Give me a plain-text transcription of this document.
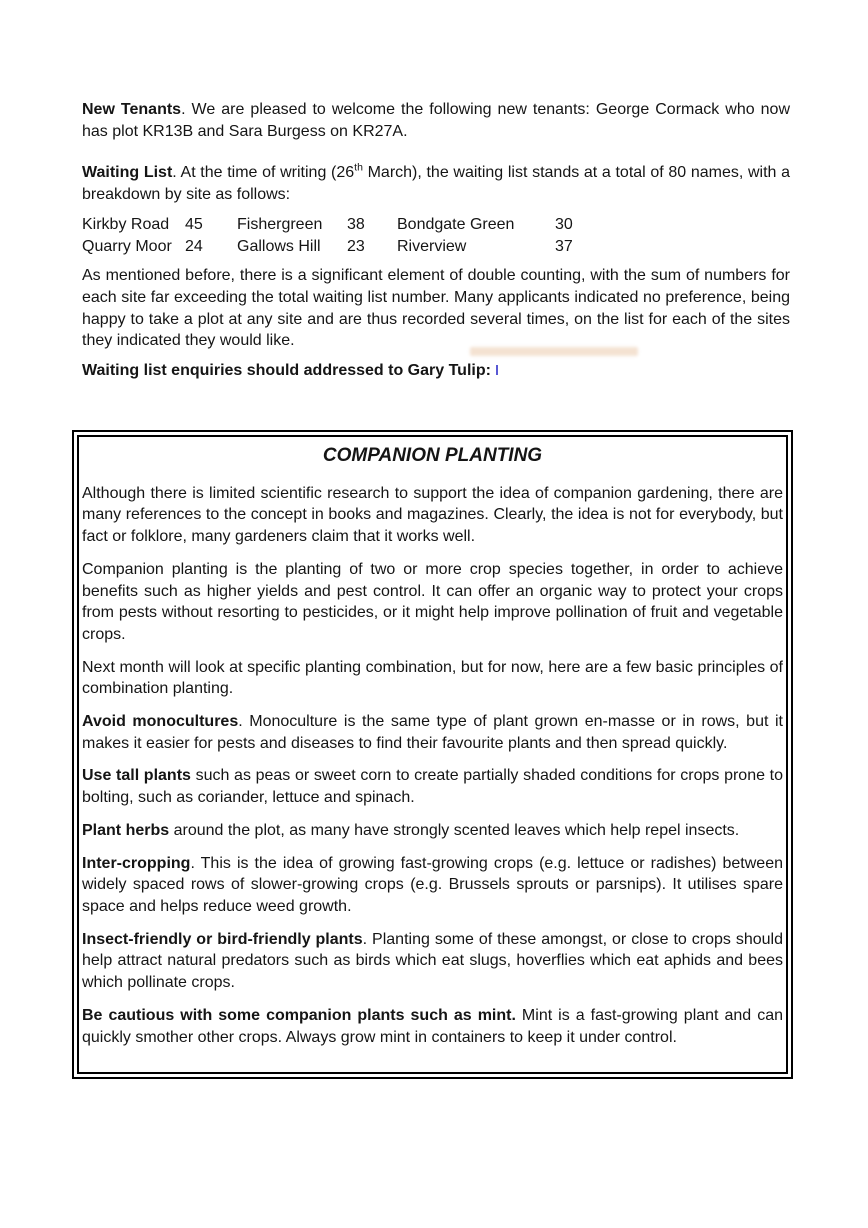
New Tenants. We are pleased to welcome the following new tenants: George Cormack who now has plot KR13B and Sara Burgess on KR27A.

Waiting List. At the time of writing (26th March), the waiting list stands at a total of 80 names, with a breakdown by site as follows:

Kirkby Road 45	Fishergreen	38	Bondgate Green	30
Quarry Moor 24	Gallows Hill	23	Riverview	37

As mentioned before, there is a significant element of double counting, with the sum of numbers for each site far exceeding the total waiting list number. Many applicants indicated no preference, being happy to take a plot at any site and are thus recorded several times, on the list for each of the sites they indicated they would like.

Waiting list enquiries should addressed to Gary Tulip:

COMPANION PLANTING

Although there is limited scientific research to support the idea of companion gardening, there are many references to the concept in books and magazines. Clearly, the idea is not for everybody, but fact or folklore, many gardeners claim that it works well.

Companion planting is the planting of two or more crop species together, in order to achieve benefits such as higher yields and pest control. It can offer an organic way to protect your crops from pests without resorting to pesticides, or it might help improve pollination of fruit and vegetable crops.

Next month will look at specific planting combination, but for now, here are a few basic principles of combination planting.

Avoid monocultures. Monoculture is the same type of plant grown en-masse or in rows, but it makes it easier for pests and diseases to find their favourite plants and then spread quickly.

Use tall plants such as peas or sweet corn to create partially shaded conditions for crops prone to bolting, such as coriander, lettuce and spinach.

Plant herbs around the plot, as many have strongly scented leaves which help repel insects.

Inter-cropping. This is the idea of growing fast-growing crops (e.g. lettuce or radishes) between widely spaced rows of slower-growing crops (e.g. Brussels sprouts or parsnips). It utilises spare space and helps reduce weed growth.

Insect-friendly or bird-friendly plants. Planting some of these amongst, or close to crops should help attract natural predators such as birds which eat slugs, hoverflies which eat aphids and bees which pollinate crops.

Be cautious with some companion plants such as mint. Mint is a fast-growing plant and can quickly smother other crops. Always grow mint in containers to keep it under control.
